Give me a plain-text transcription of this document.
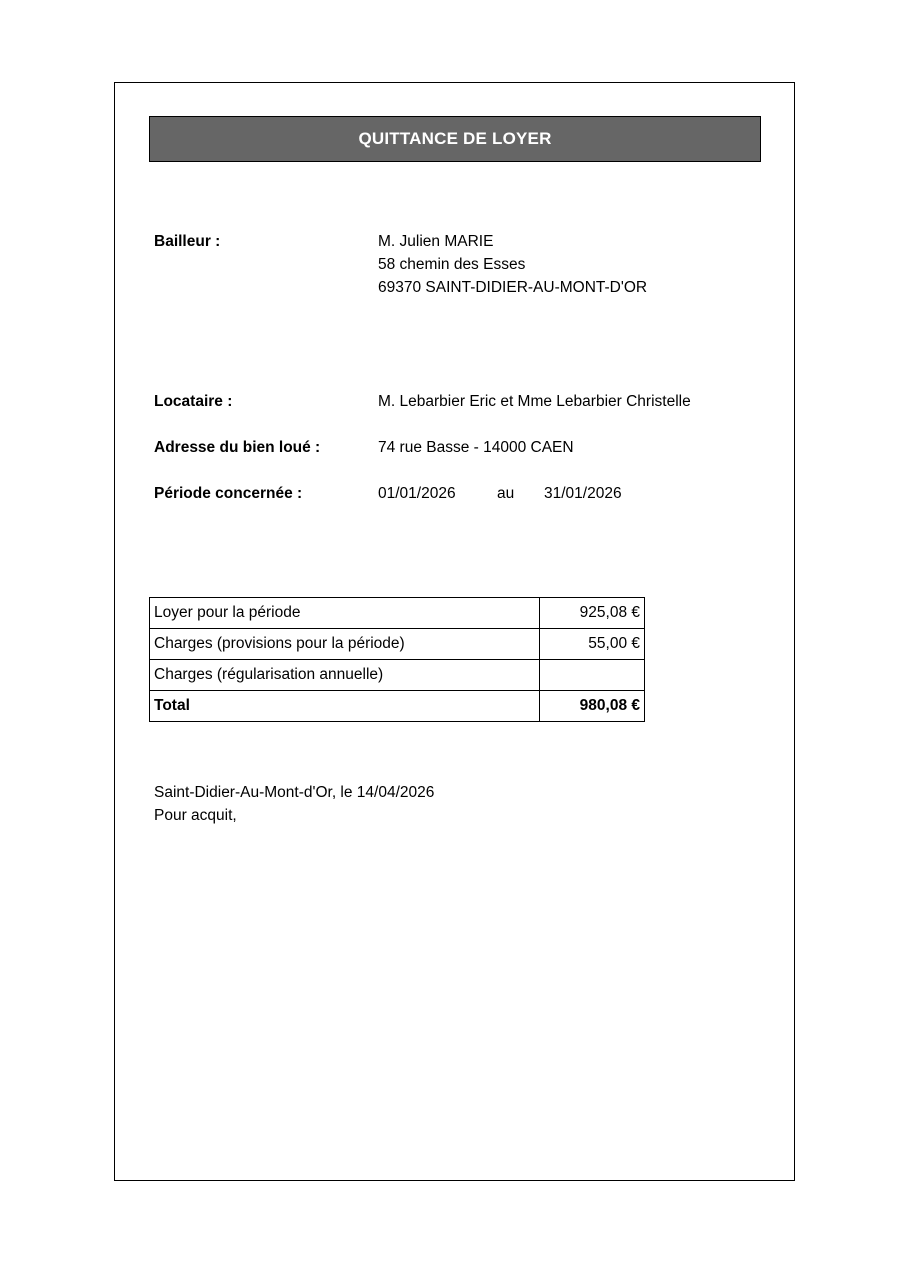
QUITTANCE DE LOYER
Bailleur :	M. Julien MARIE
58 chemin des Esses
69370 SAINT-DIDIER-AU-MONT-D'OR
Locataire :	M. Lebarbier Eric et Mme Lebarbier Christelle
Adresse du bien loué :	74 rue Basse - 14000 CAEN
Période concernée :	01/01/2026	au 31/01/2026
Loyer pour la période	925,08 €
Charges (provisions pour la période)	55,00 €
Charges (régularisation annuelle)	
Total	980,08 €
Saint-Didier-Au-Mont-d'Or, le 14/04/2026
Pour acquit,
